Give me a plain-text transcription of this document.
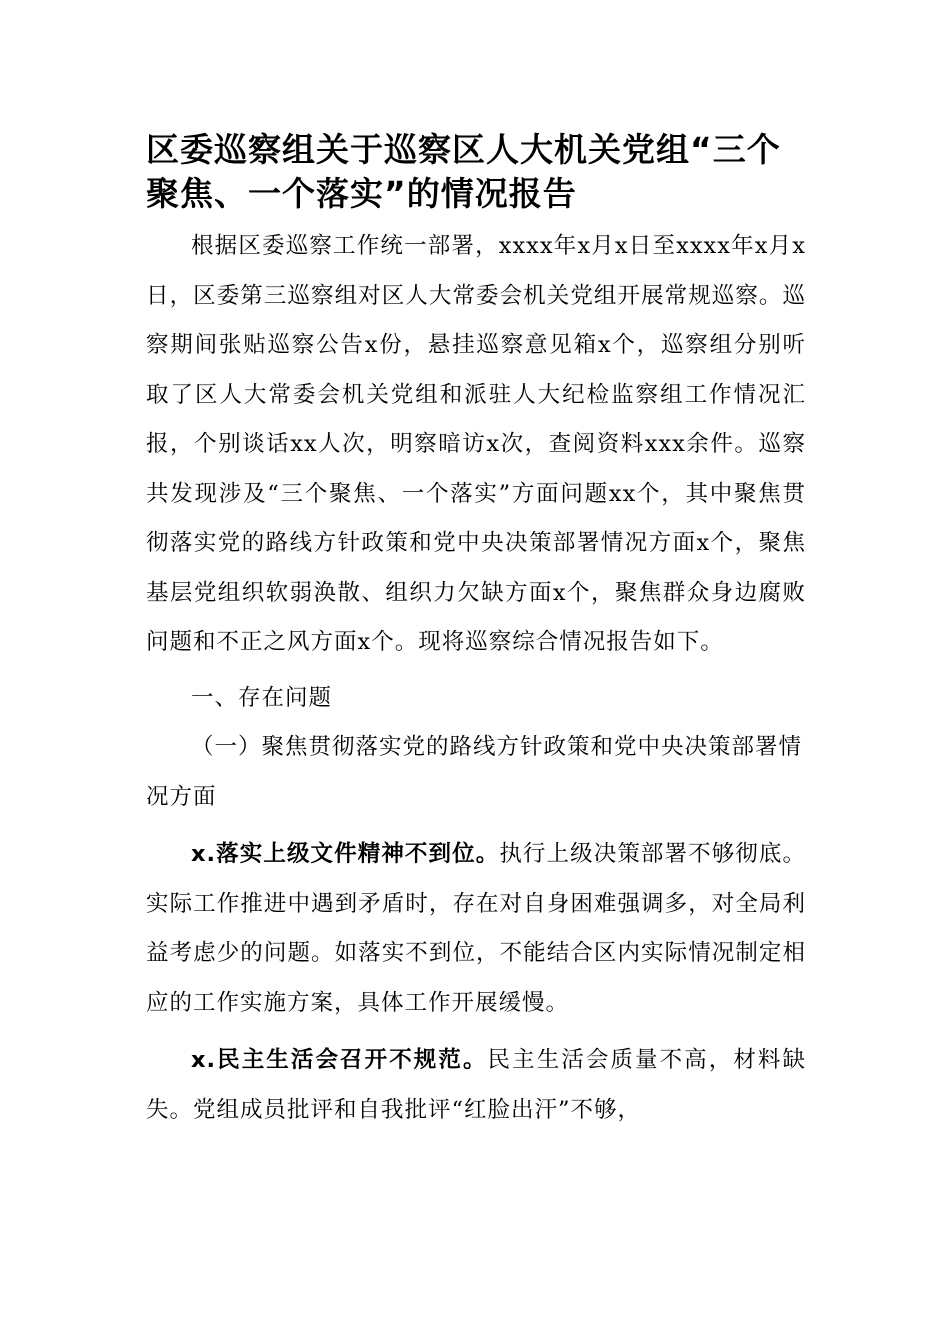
区委巡察组关于巡察区人大机关党组“三个聚焦、一个落实”的情况报告

根据区委巡察工作统一部署，xxxx年x月x日至xxxx年x月x日，区委第三巡察组对区人大常委会机关党组开展常规巡察。巡察期间张贴巡察公告x份，悬挂巡察意见箱x个，巡察组分别听取了区人大常委会机关党组和派驻人大纪检监察组工作情况汇报，个别谈话xx人次，明察暗访x次，查阅资料xxx余件。巡察共发现涉及“三个聚焦、一个落实”方面问题xx个，其中聚焦贯彻落实党的路线方针政策和党中央决策部署情况方面x个，聚焦基层党组织软弱涣散、组织力欠缺方面x个，聚焦群众身边腐败问题和不正之风方面x个。现将巡察综合情况报告如下。

一、存在问题

（一）聚焦贯彻落实党的路线方针政策和党中央决策部署情况方面

x.落实上级文件精神不到位。执行上级决策部署不够彻底。实际工作推进中遇到矛盾时，存在对自身困难强调多，对全局利益考虑少的问题。如落实不到位，不能结合区内实际情况制定相应的工作实施方案，具体工作开展缓慢。

x.民主生活会召开不规范。民主生活会质量不高，材料缺失。党组成员批评和自我批评“红脸出汗”不够，
